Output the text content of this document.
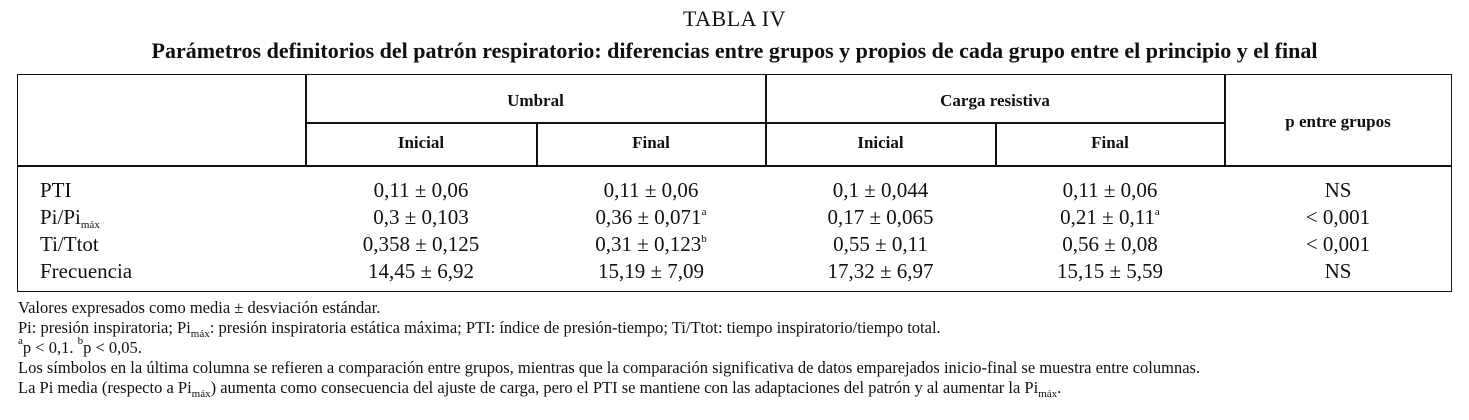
TABLA IV
Parámetros definitorios del patrón respiratorio: diferencias entre grupos y propios de cada grupo entre el principio y el final
Umbral	Carga resistiva
p entre grupos
Inicial	Final	Inicial	Final
PTI	0,11 ± 0,06	0,11 ± 0,06	0,1 ± 0,044	0,11 ± 0,06	NS
$Pi/Pi_{máx}$	0,3 ± 0,103	0,36 ± 0,071$^a$	0,17 ± 0,065	0,21 ± 0,11$^a$	< 0,001
Ti/Ttot	0,358 ± 0,125	0,31 ± 0,123$^b$	0,55 ± 0,11	0,56 ± 0,08	< 0,001
Frecuencia	14,45 ± 6,92	15,19 ± 7,09	17,32 ± 6,97	15,15 ± 5,59	NS
Valores expresados como media ± desviación estándar.
Pi: presión inspiratoria; $Pi_{máx}$: presión inspiratoria estática máxima; PTI: índice de presión-tiempo; Ti/Ttot: tiempo inspiratorio/tiempo total.
$^a$p < 0,1. $^b$p < 0,05.
Los símbolos en la última columna se refieren a comparación entre grupos, mientras que la comparación significativa de datos emparejados inicio-final se muestra entre columnas.
La Pi media (respecto a $Pi_{máx}$) aumenta como consecuencia del ajuste de carga, pero el PTI se mantiene con las adaptaciones del patrón y al aumentar la $Pi_{máx}$.
